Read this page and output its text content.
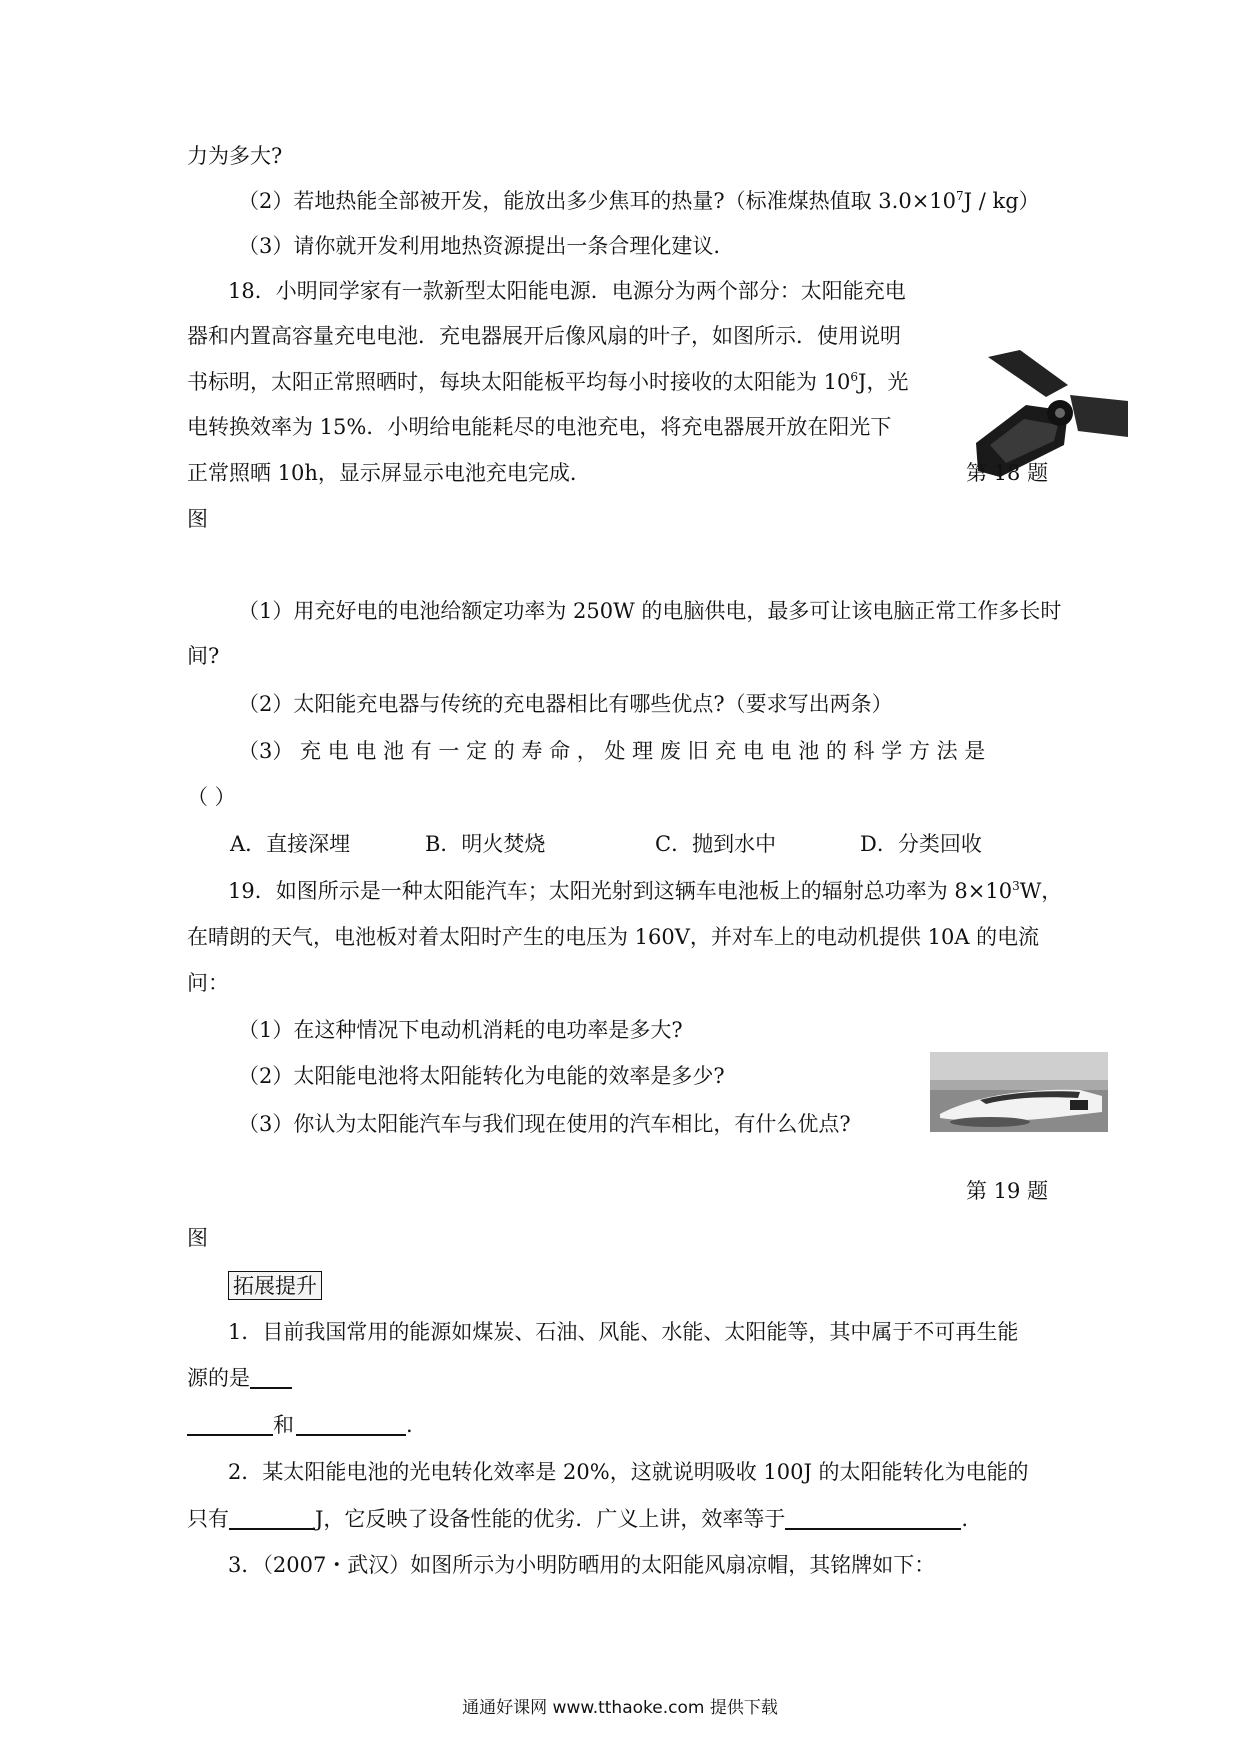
力为多大?
（2）若地热能全部被开发，能放出多少焦耳的热量?（标准煤热值取 $3.0\times 10^7J / kg$）
（3）请你就开发利用地热资源提出一条合理化建议.
18．小明同学家有一款新型太阳能电源．电源分为两个部分：太阳能充电
器和内置高容量充电电池．充电器展开后像风扇的叶子，如图所示．使用说明
书标明，太阳正常照晒时，每块太阳能板平均每小时接收的太阳能为 $10^6J$，光
电转换效率为 15%．小明给电能耗尽的电池充电，将充电器展开放在阳光下
正常照晒 10h，显示屏显示电池充电完成．	第 18 题
图
（1）用充好电的电池给额定功率为 250W 的电脑供电，最多可让该电脑正常工作多长时
间?
（2）太阳能充电器与传统的充电器相比有哪些优点?（要求写出两条）
（3） 充 电 电 池 有 一 定 的 寿 命 ， 处 理 废 旧 充 电 电 池 的 科 学 方 法 是
（ ）
A．直接深埋	B．明火焚烧	C．抛到水中	D．分类回收
19．如图所示是一种太阳能汽车；太阳光射到这辆车电池板上的辐射总功率为 $8\times 10^3W$，
在晴朗的天气，电池板对着太阳时产生的电压为 160V，并对车上的电动机提供 10A 的电流
问：
（1）在这种情况下电动机消耗的电功率是多大?
（2）太阳能电池将太阳能转化为电能的效率是多少?
（3）你认为太阳能汽车与我们现在使用的汽车相比，有什么优点?
第 19 题
图
拓展提升
1．目前我国常用的能源如煤炭、石油、风能、水能、太阳能等，其中属于不可再生能
源的是
和	.
2．某太阳能电池的光电转化效率是 20%，这就说明吸收 100J 的太阳能转化为电能的
只有	J，它反映了设备性能的优劣．广义上讲，效率等于	.
3．（2007・武汉）如图所示为小明防晒用的太阳能风扇凉帽，其铭牌如下：
通通好课网 www.tthaoke.com 提供下载
